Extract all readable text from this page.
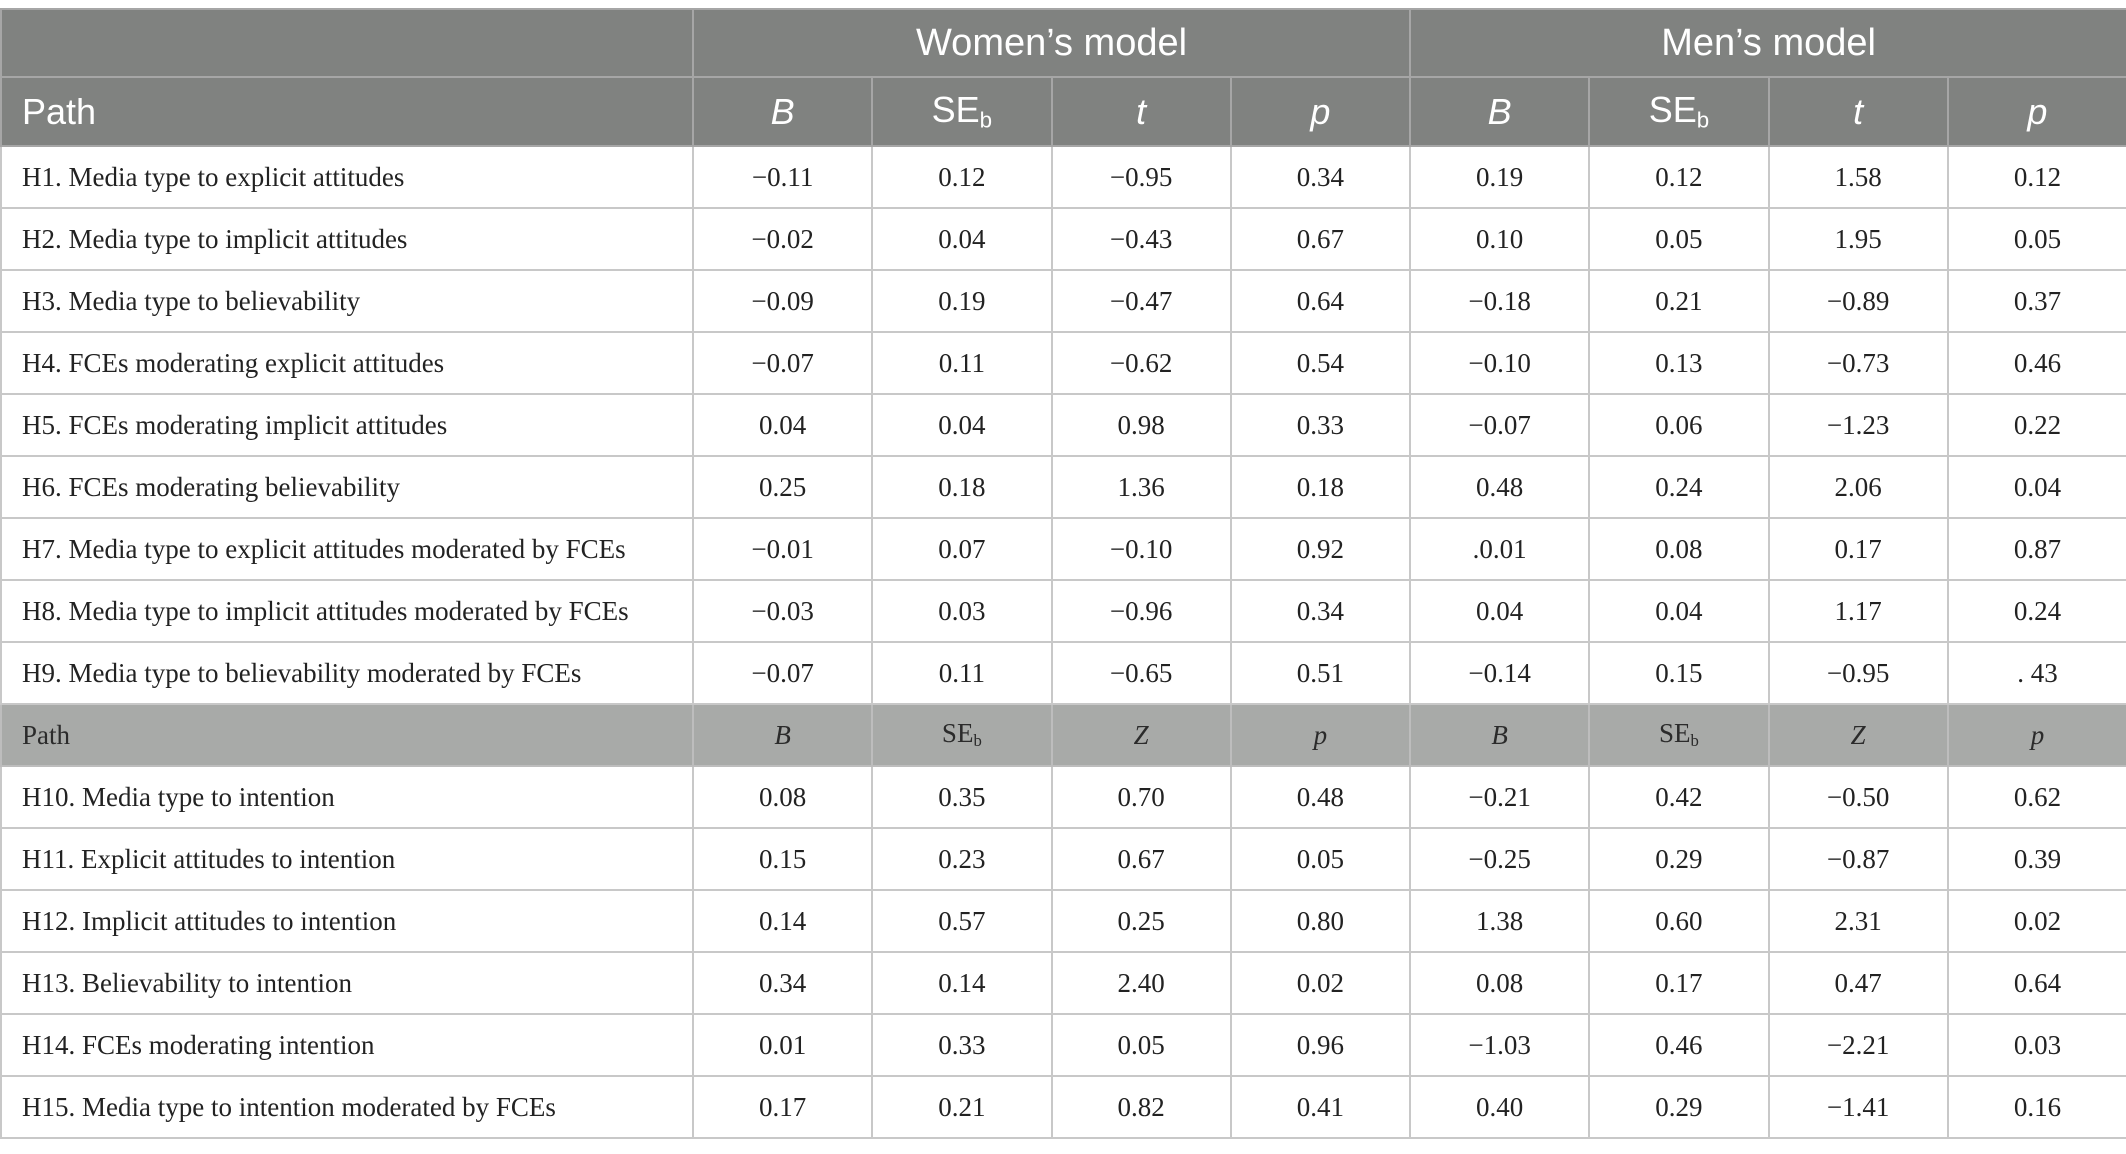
	Women’s model				Men’s model			
Path	B	$SE_b$	t	p	B	$SE_b$	t	p
H1. Media type to explicit attitudes	−0.11	0.12	−0.95	0.34	0.19	0.12	1.58	0.12
H2. Media type to implicit attitudes	−0.02	0.04	−0.43	0.67	0.10	0.05	1.95	0.05
H3. Media type to believability	−0.09	0.19	−0.47	0.64	−0.18	0.21	−0.89	0.37
H4. FCEs moderating explicit attitudes	−0.07	0.11	−0.62	0.54	−0.10	0.13	−0.73	0.46
H5. FCEs moderating implicit attitudes	0.04	0.04	0.98	0.33	−0.07	0.06	−1.23	0.22
H6. FCEs moderating believability	0.25	0.18	1.36	0.18	0.48	0.24	2.06	0.04
H7. Media type to explicit attitudes moderated by FCEs	−0.01	0.07	−0.10	0.92	.0.01	0.08	0.17	0.87
H8. Media type to implicit attitudes moderated by FCEs	−0.03	0.03	−0.96	0.34	0.04	0.04	1.17	0.24
H9. Media type to believability moderated by FCEs	−0.07	0.11	−0.65	0.51	−0.14	0.15	−0.95	. 43
Path	B	$SE_b$	Z	p	B	$SE_b$	Z	p
H10. Media type to intention	0.08	0.35	0.70	0.48	−0.21	0.42	−0.50	0.62
H11. Explicit attitudes to intention	0.15	0.23	0.67	0.05	−0.25	0.29	−0.87	0.39
H12. Implicit attitudes to intention	0.14	0.57	0.25	0.80	1.38	0.60	2.31	0.02
H13. Believability to intention	0.34	0.14	2.40	0.02	0.08	0.17	0.47	0.64
H14. FCEs moderating intention	0.01	0.33	0.05	0.96	−1.03	0.46	−2.21	0.03
H15. Media type to intention moderated by FCEs	0.17	0.21	0.82	0.41	0.40	0.29	−1.41	0.16
